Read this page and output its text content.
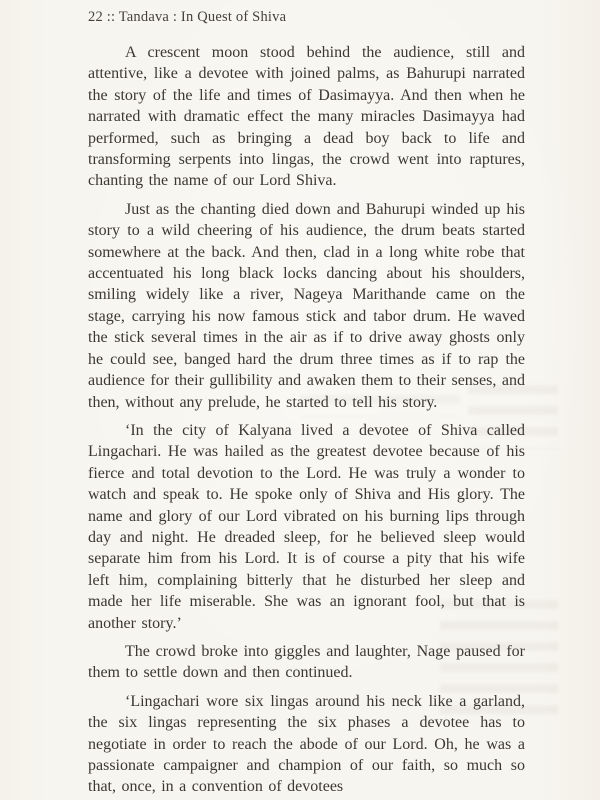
22 :: Tandava : In Quest of Shiva

A crescent moon stood behind the audience, still and attentive, like a devotee with joined palms, as Bahurupi narrated the story of the life and times of Dasimayya. And then when he narrated with dramatic effect the many miracles Dasimayya had performed, such as bringing a dead boy back to life and transforming serpents into lingas, the crowd went into raptures, chanting the name of our Lord Shiva.

Just as the chanting died down and Bahurupi winded up his story to a wild cheering of his audience, the drum beats started somewhere at the back. And then, clad in a long white robe that accentuated his long black locks dancing about his shoulders, smiling widely like a river, Nageya Marithande came on the stage, carrying his now famous stick and tabor drum. He waved the stick several times in the air as if to drive away ghosts only he could see, banged hard the drum three times as if to rap the audience for their gullibility and awaken them to their senses, and then, without any prelude, he started to tell his story.

‘In the city of Kalyana lived a devotee of Shiva called Lingachari. He was hailed as the greatest devotee because of his fierce and total devotion to the Lord. He was truly a wonder to watch and speak to. He spoke only of Shiva and His glory. The name and glory of our Lord vibrated on his burning lips through day and night. He dreaded sleep, for he believed sleep would separate him from his Lord. It is of course a pity that his wife left him, complaining bitterly that he disturbed her sleep and made her life miserable. She was an ignorant fool, but that is another story.’

The crowd broke into giggles and laughter, Nage paused for them to settle down and then continued.

‘Lingachari wore six lingas around his neck like a garland, the six lingas representing the six phases a devotee has to negotiate in order to reach the abode of our Lord. Oh, he was a passionate campaigner and champion of our faith, so much so that, once, in a convention of devotees
